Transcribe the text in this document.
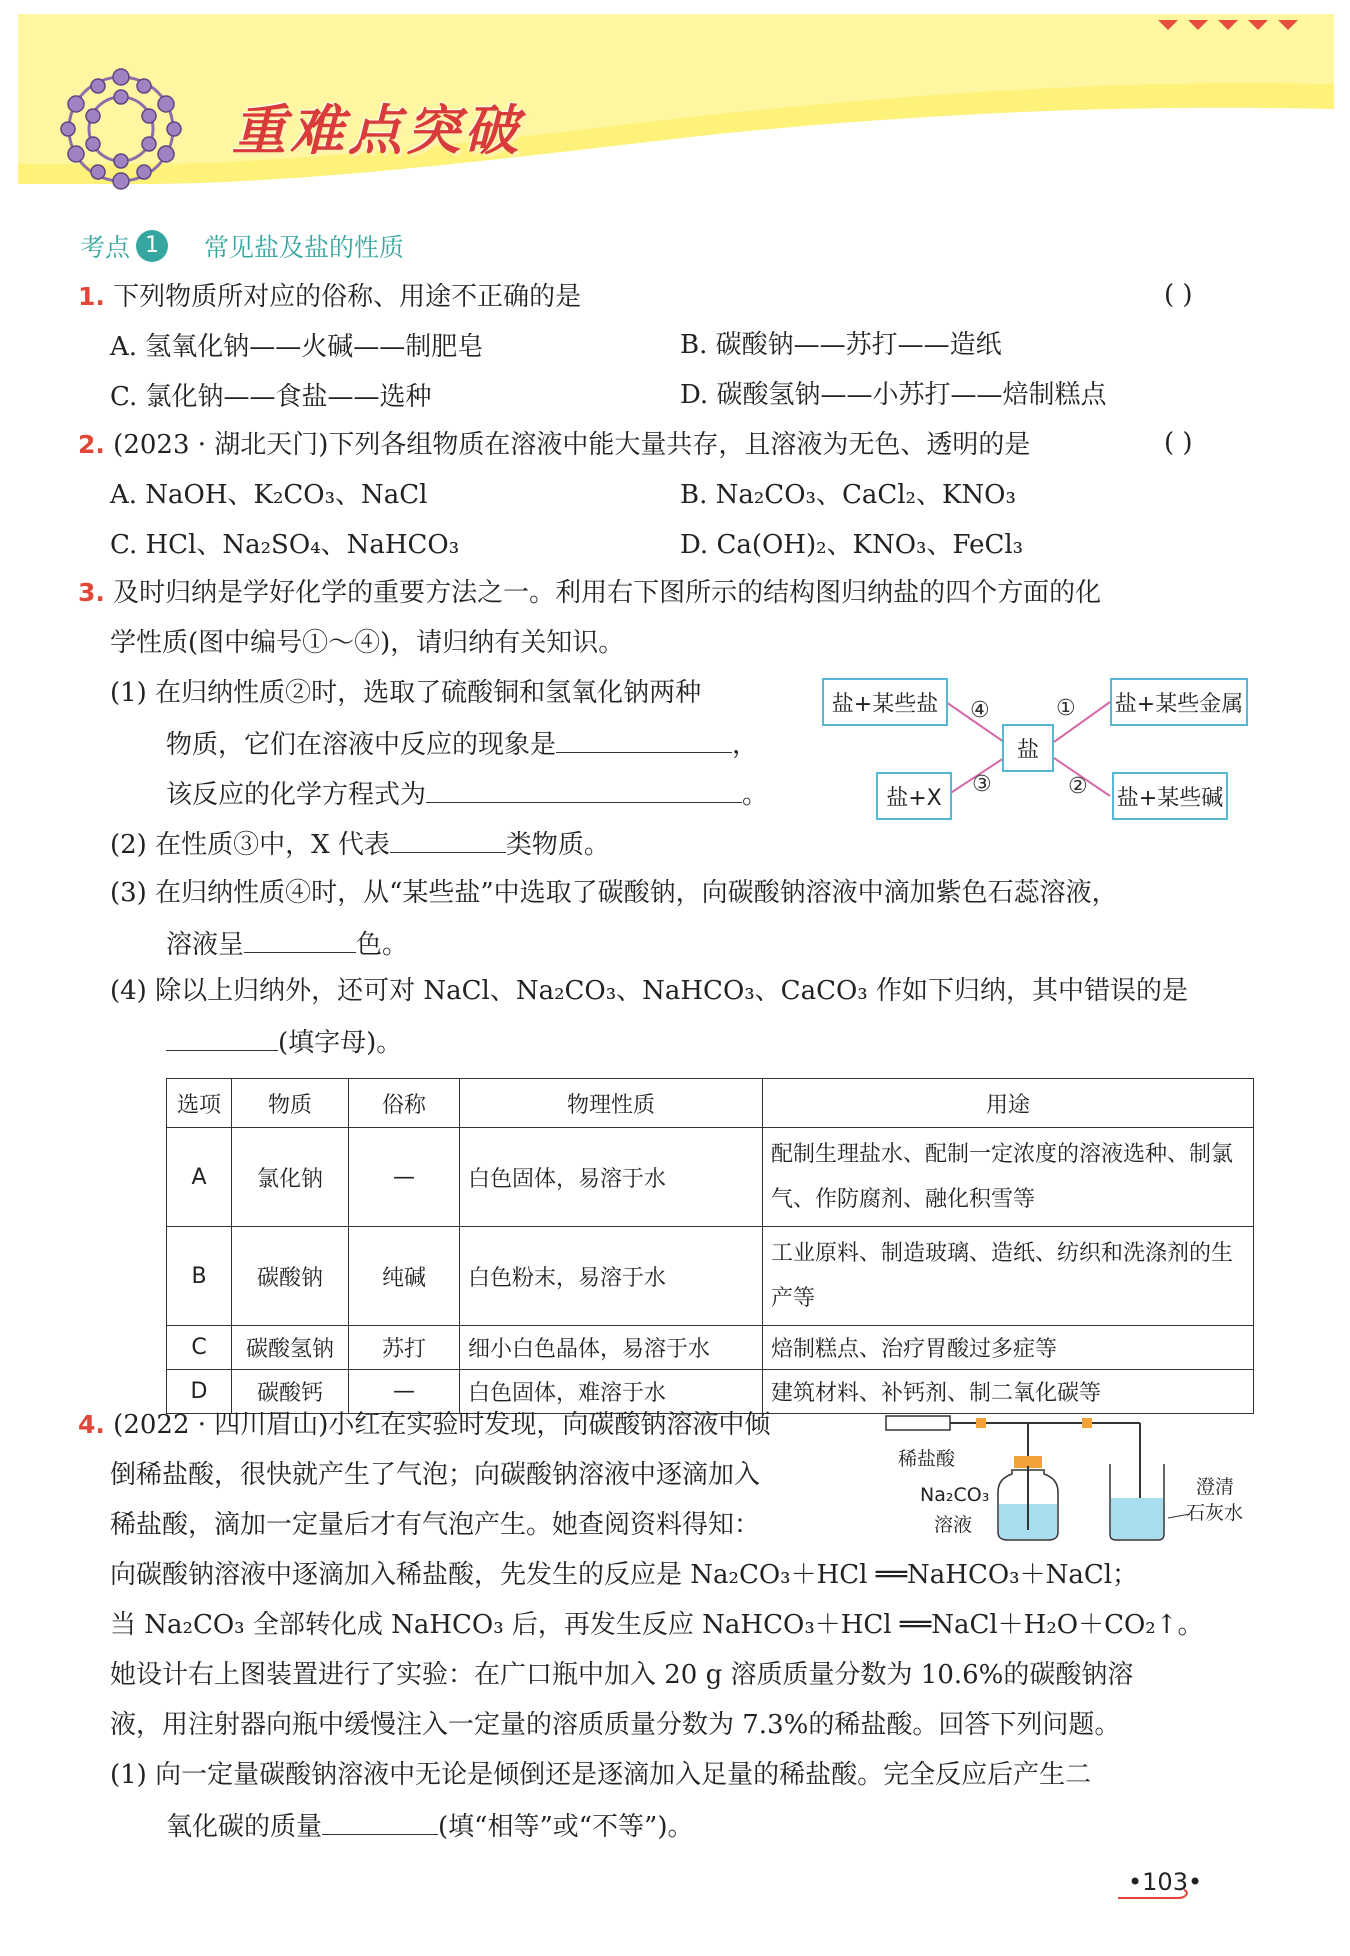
重难点突破
考点 1	常见盐及盐的性质
1. 下列物质所对应的俗称、用途不正确的是	( )
A. 氢氧化钠——火碱——制肥皂	B. 碳酸钠——苏打——造纸
C. 氯化钠——食盐——选种	D. 碳酸氢钠——小苏打——焙制糕点
2. (2023 · 湖北天门)下列各组物质在溶液中能大量共存，且溶液为无色、透明的是	( )
A. NaOH、K₂CO₃、NaCl	B. Na₂CO₃、CaCl₂、KNO₃
C. HCl、Na₂SO₄、NaHCO₃	D. Ca(OH)₂、KNO₃、FeCl₃
3. 及时归纳是学好化学的重要方法之一。利用右下图所示的结构图归纳盐的四个方面的化
学性质(图中编号①～④)，请归纳有关知识。
(1) 在归纳性质②时，选取了硫酸铜和氢氧化钠两种
物质，它们在溶液中反应的现象是	，
该反应的化学方程式为	。
盐+某些盐	盐+某些金属
盐
盐+X	盐+某些碱
④	①
③	②
(2) 在性质③中，X 代表	类物质。
(3) 在归纳性质④时，从“某些盐”中选取了碳酸钠，向碳酸钠溶液中滴加紫色石蕊溶液，
溶液呈	色。
(4) 除以上归纳外，还可对 NaCl、Na₂CO₃、NaHCO₃、CaCO₃ 作如下归纳，其中错误的是
(填字母)。
选项	物质	俗称	物理性质	用途
A	氯化钠	—	白色固体，易溶于水	配制生理盐水、配制一定浓度的溶液选种、制氯气、作防腐剂、融化积雪等
B	碳酸钠	纯碱	白色粉末，易溶于水	工业原料、制造玻璃、造纸、纺织和洗涤剂的生产等
C	碳酸氢钠	苏打	细小白色晶体，易溶于水	焙制糕点、治疗胃酸过多症等
D	碳酸钙	—	白色固体，难溶于水	建筑材料、补钙剂、制二氧化碳等
4. (2022 · 四川眉山)小红在实验时发现，向碳酸钠溶液中倾
倒稀盐酸，很快就产生了气泡；向碳酸钠溶液中逐滴加入
稀盐酸，滴加一定量后才有气泡产生。她查阅资料得知：
向碳酸钠溶液中逐滴加入稀盐酸，先发生的反应是 Na₂CO₃＋HCl ══NaHCO₃＋NaCl；
当 Na₂CO₃ 全部转化成 NaHCO₃ 后，再发生反应 NaHCO₃＋HCl ══NaCl＋H₂O＋CO₂↑。
她设计右上图装置进行了实验：在广口瓶中加入 20 g 溶质质量分数为 10.6%的碳酸钠溶
液，用注射器向瓶中缓慢注入一定量的溶质质量分数为 7.3%的稀盐酸。回答下列问题。
(1) 向一定量碳酸钠溶液中无论是倾倒还是逐滴加入足量的稀盐酸。完全反应后产生二
氧化碳的质量	(填“相等”或“不等”)。
稀盐酸
Na₂CO₃
溶液
澄清
石灰水
•103•
